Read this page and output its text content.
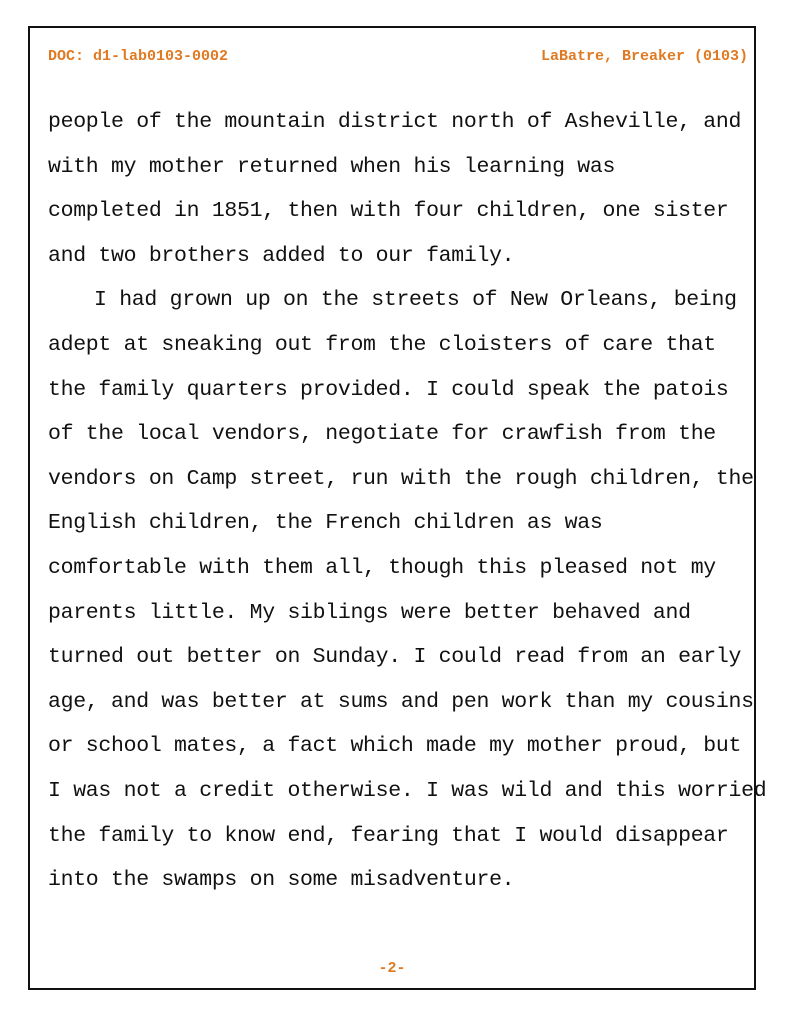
DOC: d1-lab0103-0002	LaBatre, Breaker (0103)
people of the mountain district north of Asheville, and
with my mother returned when his learning was
completed in 1851, then with four children, one sister
and two brothers added to our family.
I had grown up on the streets of New Orleans, being
adept at sneaking out from the cloisters of care that
the family quarters provided. I could speak the patois
of the local vendors, negotiate for crawfish from the
vendors on Camp street, run with the rough children, the
English children, the French children as was
comfortable with them all, though this pleased not my
parents little. My siblings were better behaved and
turned out better on Sunday. I could read from an early
age, and was better at sums and pen work than my cousins
or school mates, a fact which made my mother proud, but
I was not a credit otherwise. I was wild and this worried
the family to know end, fearing that I would disappear
into the swamps on some misadventure.
-2-
